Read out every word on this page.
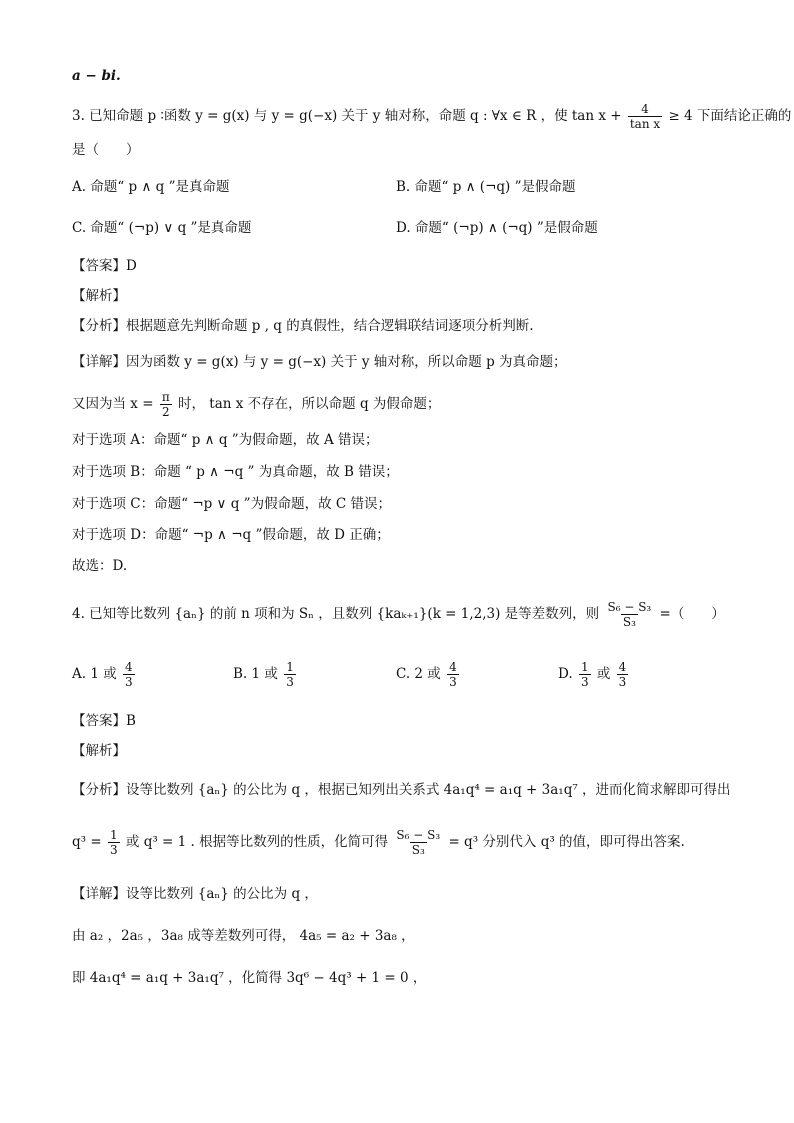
a − bi.
3. 已知命题 p ∶函数 y = g(x) 与 y = g(−x) 关于 y 轴对称，命题 q : ∀x ∈ R ，使 $\tan x + \frac{4}{\text{tan x}} \ge 4$ 下面结论正确的
是（　　）
A. 命题“ p ∧ q ”是真命题	B. 命题“ p ∧ (¬q) ”是假命题
C. 命题“ (¬p) ∨ q ”是真命题	D. 命题“ (¬p) ∧ (¬q) ”是假命题
【答案】D
【解析】
【分析】根据题意先判断命题 p , q 的真假性，结合逻辑联结词逐项分析判断.
【详解】因为函数 y = g(x) 与 y = g(−x) 关于 y 轴对称，所以命题 p 为真命题；
又因为当 $x = \frac{\pi}{2}$ 时， tan x 不存在，所以命题 q 为假命题；
对于选项 A：命题“ p ∧ q ”为假命题，故 A 错误；
对于选项 B：命题 “ p ∧ ¬q ” 为真命题，故 B 错误；
对于选项 C：命题“ ¬p ∨ q ”为假命题，故 C 错误；
对于选项 D：命题“ ¬p ∧ ¬q ”假命题，故 D 正确；
故选：D.
4. 已知等比数列 {aₙ} 的前 n 项和为 Sₙ ，且数列 {kaₖ₊₁}(k = 1,2,3) 是等差数列，则 $\frac{\text{S₆ − S₃}}{\text{S₃}}$ =（　　）
A. 1 或 $\frac{4}{3}$	B. 1 或 $\frac{1}{3}$	C. 2 或 $\frac{4}{3}$	D. $\frac{1}{3}$ 或 $\frac{4}{3}$
【答案】B
【解析】
【分析】设等比数列 {aₙ} 的公比为 q ，根据已知列出关系式 4a₁q⁴ = a₁q + 3a₁q⁷ ，进而化简求解即可得出
$q^3 = \frac{1}{3}$ 或 q³ = 1 . 根据等比数列的性质，化简可得 $\frac{\text{S₆ − S₃}}{\text{S₃}} = q^3$ 分别代入 q³ 的值，即可得出答案.
【详解】设等比数列 {aₙ} 的公比为 q ，
由 a₂ ，2a₅ ，3a₈ 成等差数列可得， 4a₅ = a₂ + 3a₈ ，
即 4a₁q⁴ = a₁q + 3a₁q⁷ ，化简得 3q⁶ − 4q³ + 1 = 0 ，
